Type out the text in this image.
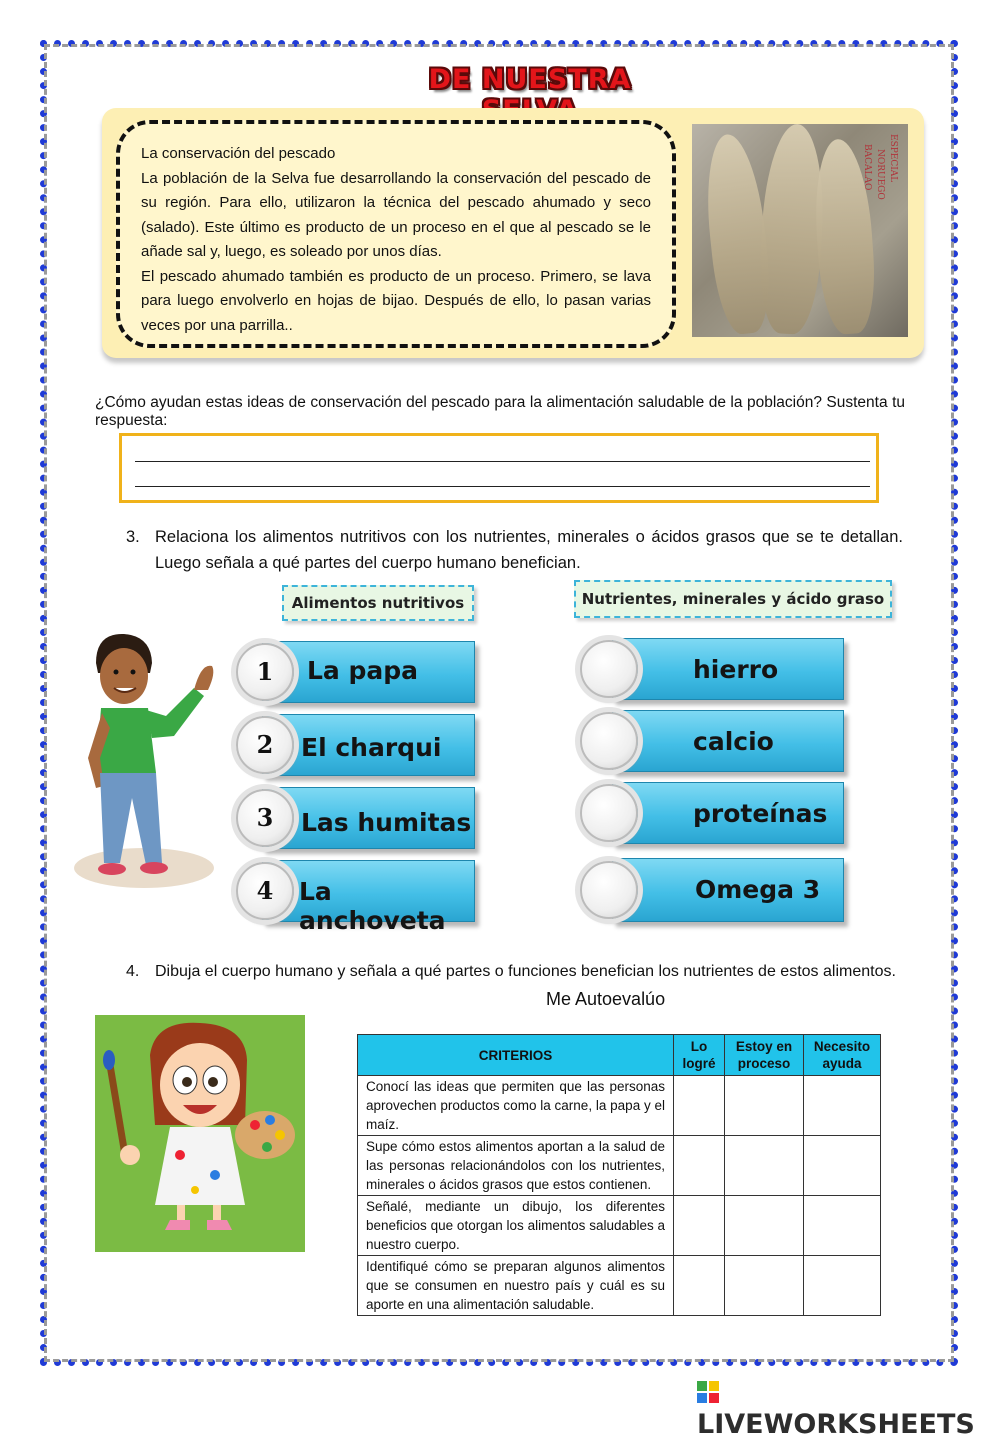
DE NUESTRA

La conservación del pescado

La población de la Selva fue desarrollando la conservación del pescado de su región. Para ello, utilizaron la técnica del pescado ahumado y seco (salado). Este último es producto de un proceso en el que al pescado se le añade sal y, luego, es soleado por unos días.

El pescado ahumado también es producto de un proceso. Primero, se lava para luego envolverlo en hojas de bijao. Después de ello, lo pasan varias veces por una parrilla..

BACALAO NORUEGO ESPECIAL
¿Cómo ayudan estas ideas de conservación del pescado para la alimentación saludable de la población? Sustenta tu respuesta:
3. Relaciona los alimentos nutritivos con los nutrientes, minerales o ácidos grasos que se te detallan. Luego señala a qué partes del cuerpo humano benefician.
Alimentos nutritivos	Nutrientes, minerales y ácido graso
La papa
1
El charqui
2
Las humitas
3
La anchoveta
4
hierro
calcio
proteínas
Omega 3
4. Dibuja el cuerpo humano y señala a qué partes o funciones benefician los nutrientes de estos alimentos.
Me Autoevalúo
CRITERIOS	Lo logré	Estoy en proceso	Necesito ayuda
Conocí las ideas que permiten que las personas aprovechen productos como la carne, la papa y el maíz.			
Supe cómo estos alimentos aportan a la salud de las personas relacionándolos con los nutrientes, minerales o ácidos grasos que estos contienen.			
Señalé, mediante un dibujo, los diferentes beneficios que otorgan los alimentos saludables a nuestro cuerpo.			
Identifiqué cómo se preparan algunos alimentos que se consumen en nuestro país y cuál es su aporte en una alimentación saludable.			
LIVEWORKSHEETS
